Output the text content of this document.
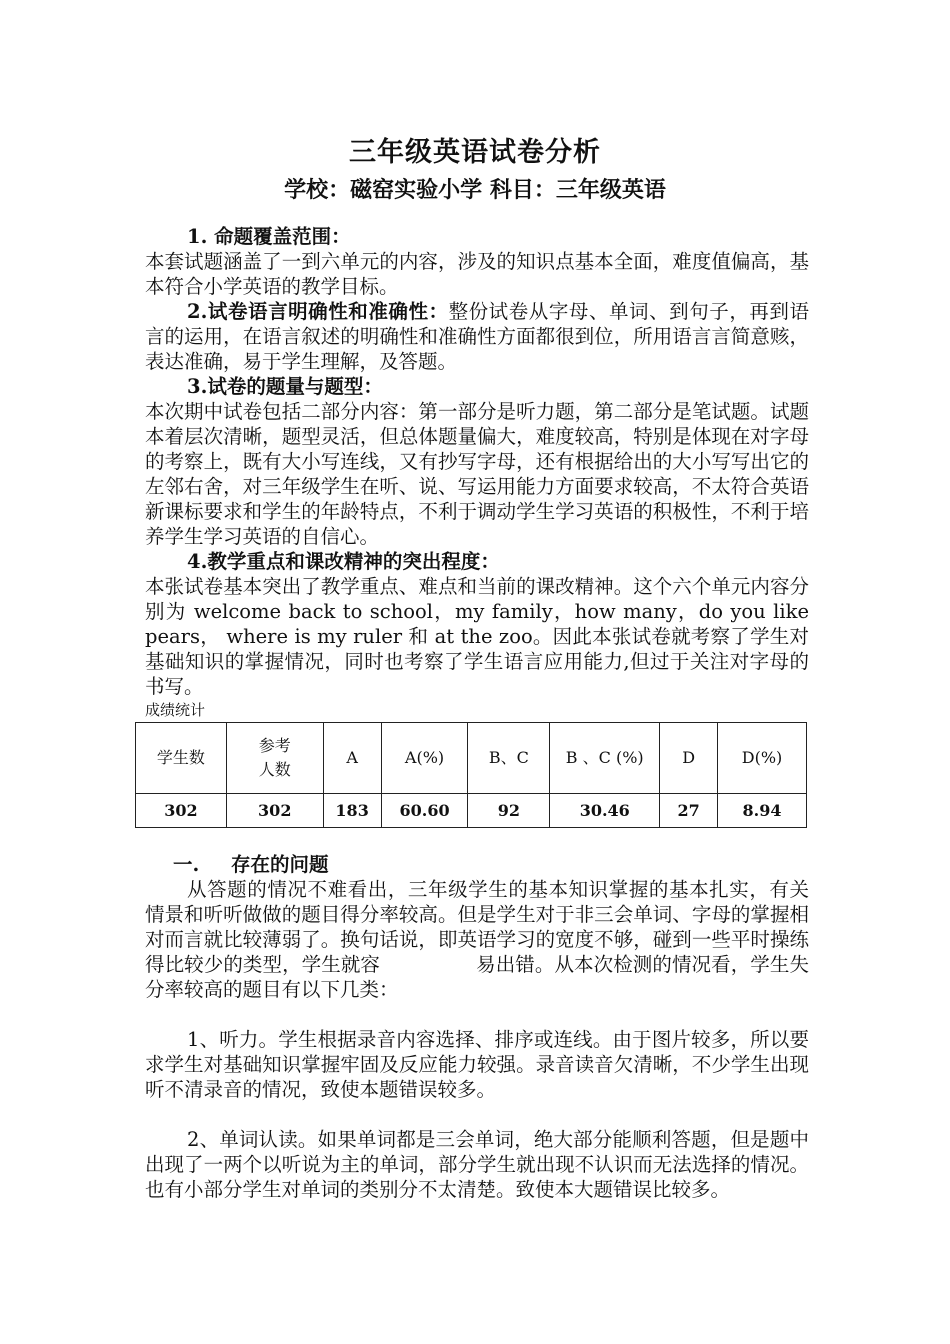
三年级英语试卷分析
学校：磁窑实验小学 科目：三年级英语

1. 命题覆盖范围：

本套试题涵盖了一到六单元的内容，涉及的知识点基本全面，难度值偏高，基本符合小学英语的教学目标。

2.试卷语言明确性和准确性：整份试卷从字母、单词、到句子，再到语言的运用，在语言叙述的明确性和准确性方面都很到位，所用语言言简意赅，表达准确，易于学生理解，及答题。

3.试卷的题量与题型：

本次期中试卷包括二部分内容：第一部分是听力题，第二部分是笔试题。试题本着层次清晰，题型灵活，但总体题量偏大，难度较高，特别是体现在对字母的考察上，既有大小写连线，又有抄写字母，还有根据给出的大小写写出它的左邻右舍，对三年级学生在听、说、写运用能力方面要求较高，不太符合英语新课标要求和学生的年龄特点，不利于调动学生学习英语的积极性，不利于培养学生学习英语的自信心。

4.教学重点和课改精神的突出程度：

本张试卷基本突出了教学重点、难点和当前的课改精神。这个六个单元内容分别为 welcome back to school，my family，how many，do you like pears， where is my ruler 和 at the zoo。因此本张试卷就考察了学生对基础知识的掌握情况，同时也考察了学生语言应用能力,但过于关注对字母的书写。

成绩统计

学生数	参考人数	A	A(%)	B、C	B 、C (%)	D	D(%)
302	302	183	60.60	92	30.46	27	8.94

一. 存在的问题

从答题的情况不难看出，三年级学生的基本知识掌握的基本扎实，有关情景和听听做做的题目得分率较高。但是学生对于非三会单词、字母的掌握相对而言就比较薄弱了。换句话说，即英语学习的宽度不够，碰到一些平时操练得比较少的类型，学生就容	易出错。从本次检测的情况看，学生失分率较高的题目有以下几类：

1、听力。学生根据录音内容选择、排序或连线。由于图片较多，所以要求学生对基础知识掌握牢固及反应能力较强。录音读音欠清晰，不少学生出现听不清录音的情况，致使本题错误较多。

2、单词认读。如果单词都是三会单词，绝大部分能顺利答题，但是题中出现了一两个以听说为主的单词，部分学生就出现不认识而无法选择的情况。也有小部分学生对单词的类别分不太清楚。致使本大题错误比较多。
